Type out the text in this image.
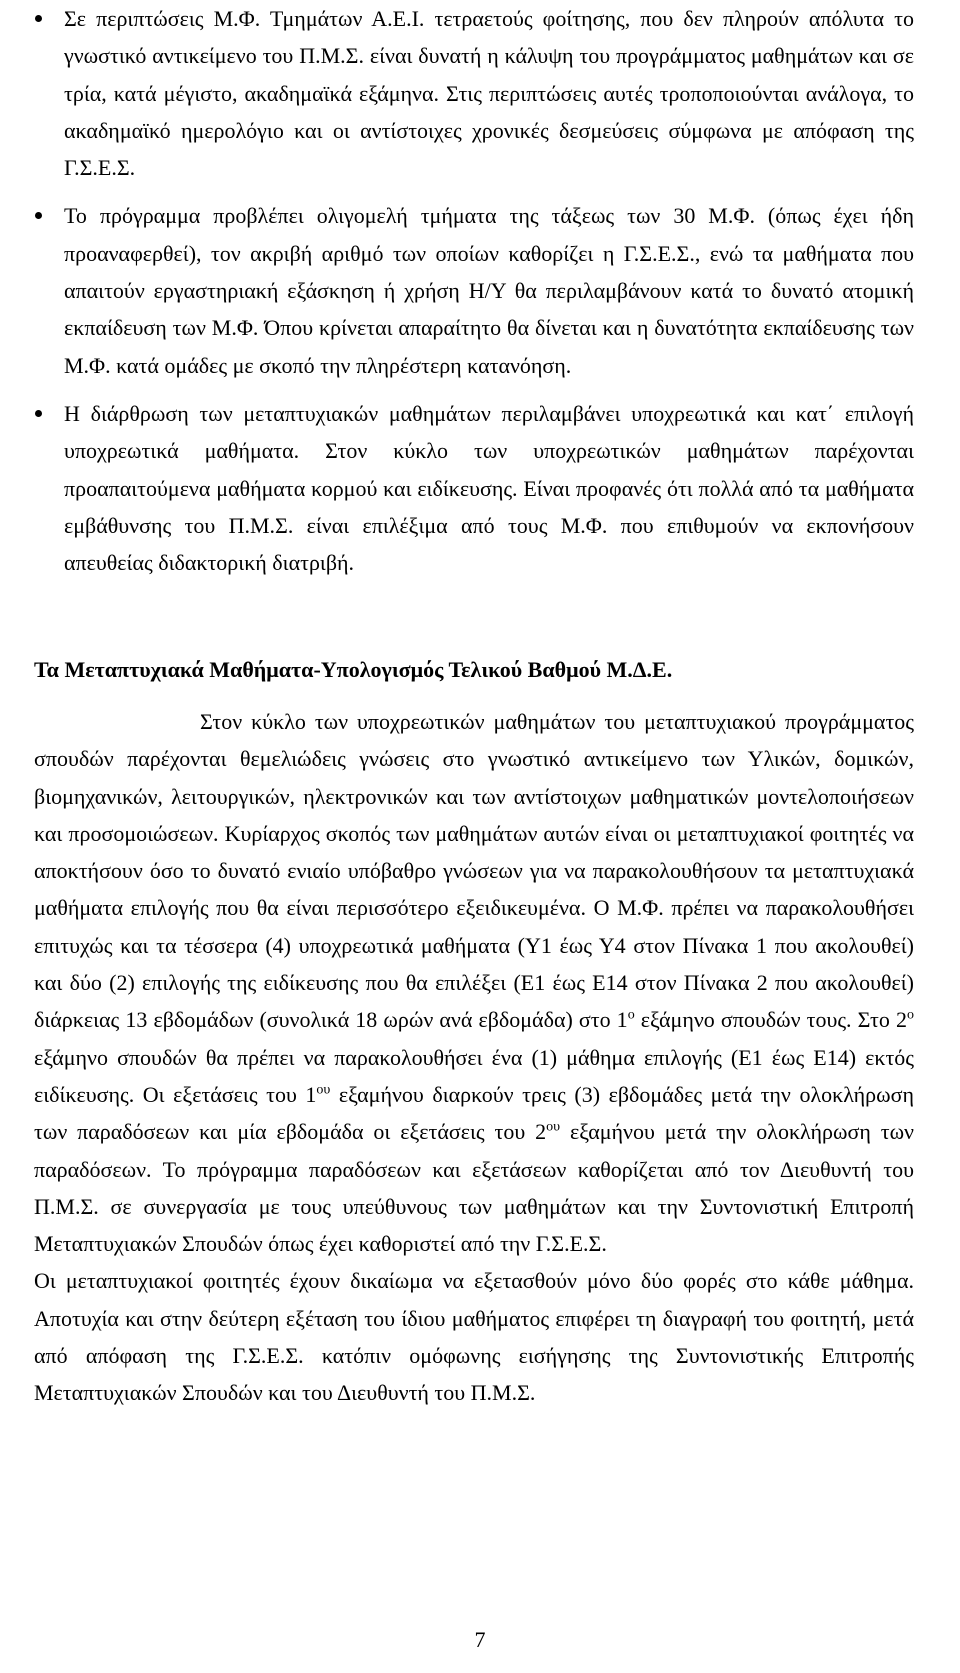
Σε περιπτώσεις Μ.Φ. Τμημάτων Α.Ε.Ι. τετραετούς φοίτησης, που δεν πληρούν απόλυτα το γνωστικό αντικείμενο του Π.Μ.Σ. είναι δυνατή η κάλυψη του προγράμματος μαθημάτων και σε τρία, κατά μέγιστο, ακαδημαϊκά εξάμηνα. Στις περιπτώσεις αυτές τροποποιούνται ανάλογα, το ακαδημαϊκό ημερολόγιο και οι αντίστοιχες χρονικές δεσμεύσεις σύμφωνα με απόφαση της Γ.Σ.Ε.Σ.
Το πρόγραμμα προβλέπει ολιγομελή τμήματα της τάξεως των 30 Μ.Φ. (όπως έχει ήδη προαναφερθεί), τον ακριβή αριθμό των οποίων καθορίζει η Γ.Σ.Ε.Σ., ενώ τα μαθήματα που απαιτούν εργαστηριακή εξάσκηση ή χρήση Η/Υ θα περιλαμβάνουν κατά το δυνατό ατομική εκπαίδευση των Μ.Φ. Όπου κρίνεται απαραίτητο θα δίνεται και η δυνατότητα εκπαίδευσης των Μ.Φ. κατά ομάδες με σκοπό την πληρέστερη κατανόηση.
Η διάρθρωση των μεταπτυχιακών μαθημάτων περιλαμβάνει υποχρεωτικά και κατ΄ επιλογή υποχρεωτικά μαθήματα. Στον κύκλο των υποχρεωτικών μαθημάτων παρέχονται προαπαιτούμενα μαθήματα κορμού και ειδίκευσης. Είναι προφανές ότι πολλά από τα μαθήματα εμβάθυνσης του Π.Μ.Σ. είναι επιλέξιμα από τους Μ.Φ. που επιθυμούν να εκπονήσουν απευθείας διδακτορική διατριβή.
Τα Μεταπτυχιακά Μαθήματα-Υπολογισμός Τελικού Βαθμού Μ.Δ.Ε.

Στον κύκλο των υποχρεωτικών μαθημάτων του μεταπτυχιακού προγράμματος σπουδών παρέχονται θεμελιώδεις γνώσεις στο γνωστικό αντικείμενο των Υλικών, δομικών, βιομηχανικών, λειτουργικών, ηλεκτρονικών και των αντίστοιχων μαθηματικών μοντελοποιήσεων και προσομοιώσεων. Κυρίαρχος σκοπός των μαθημάτων αυτών είναι οι μεταπτυχιακοί φοιτητές να αποκτήσουν όσο το δυνατό ενιαίο υπόβαθρο γνώσεων για να παρακολουθήσουν τα μεταπτυχιακά μαθήματα επιλογής που θα είναι περισσότερο εξειδικευμένα. Ο Μ.Φ. πρέπει να παρακολουθήσει επιτυχώς και τα τέσσερα (4) υποχρεωτικά μαθήματα (Υ1 έως Υ4 στον Πίνακα 1 που ακολουθεί) και δύο (2) επιλογής της ειδίκευσης που θα επιλέξει (Ε1 έως Ε14 στον Πίνακα 2 που ακολουθεί) διάρκειας 13 εβδομάδων (συνολικά 18 ωρών ανά εβδομάδα) στο $1^o$ εξάμηνο σπουδών τους. Στο $2^o$ εξάμηνο σπουδών θα πρέπει να παρακολουθήσει ένα (1) μάθημα επιλογής (Ε1 έως Ε14) εκτός ειδίκευσης. Οι εξετάσεις του $1^{o\upsilon}$ εξαμήνου διαρκούν τρεις (3) εβδομάδες μετά την ολοκλήρωση των παραδόσεων και μία εβδομάδα οι εξετάσεις του $2^{o\upsilon}$ εξαμήνου μετά την ολοκλήρωση των παραδόσεων. Το πρόγραμμα παραδόσεων και εξετάσεων καθορίζεται από τον Διευθυντή του Π.Μ.Σ. σε συνεργασία με τους υπεύθυνους των μαθημάτων και την Συντονιστική Επιτροπή Μεταπτυχιακών Σπουδών όπως έχει καθοριστεί από την Γ.Σ.Ε.Σ.

Οι μεταπτυχιακοί φοιτητές έχουν δικαίωμα να εξετασθούν μόνο δύο φορές στο κάθε μάθημα. Αποτυχία και στην δεύτερη εξέταση του ίδιου μαθήματος επιφέρει τη διαγραφή του φοιτητή, μετά από απόφαση της Γ.Σ.Ε.Σ. κατόπιν ομόφωνης εισήγησης της Συντονιστικής Επιτροπής Μεταπτυχιακών Σπουδών και του Διευθυντή του Π.Μ.Σ.

7
